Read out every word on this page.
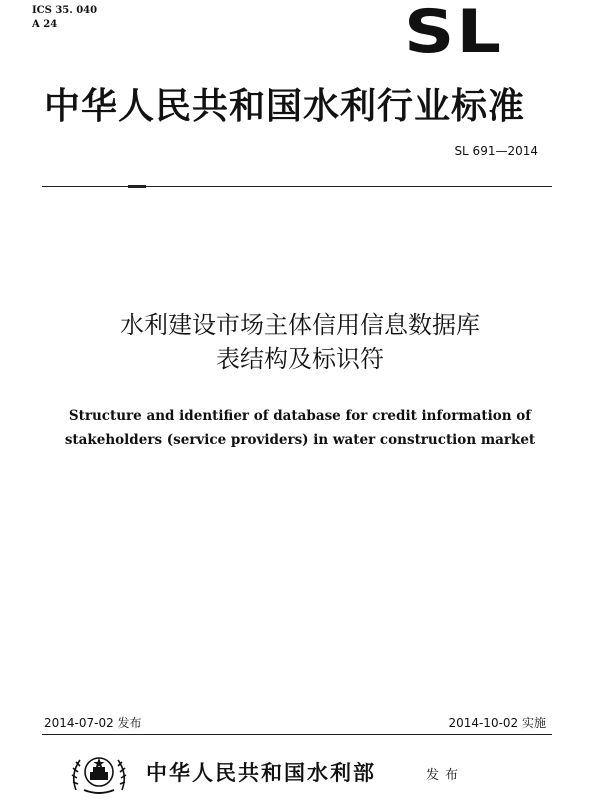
ICS 35. 040
A 24	SL
中华人民共和国水利行业标准
SL 691—2014
水利建设市场主体信用信息数据库
表结构及标识符
Structure and identifier of database for credit information of
stakeholders (service providers) in water construction market
2014-07-02 发布	2014-10-02 实施
中华人民共和国水利部	发布
